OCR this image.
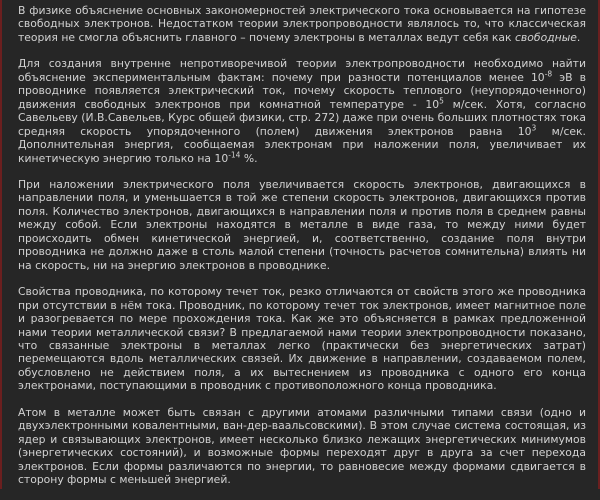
В физике объяснение основных закономерностей электрического тока основывается на гипотезе свободных электронов. Недостатком теории электропроводности являлось то, что классическая теория не смогла объяснить главного – почему электроны в металлах ведут себя как свободные.

Для создания внутренне непротиворечивой теории электропроводности необходимо найти объяснение экспериментальным фактам: почему при разности потенциалов менее $10^{-8}$ эВ в проводнике появляется электрический ток, почему скорость теплового (неупорядоченного) движения свободных электронов при комнатной температуре - $10^5$ м/сек. Хотя, согласно Савельеву (И.В.Савельев, Курс общей физики, стр. 272) даже при очень больших плотностях тока средняя скорость упорядоченного (полем) движения электронов равна $10^3$ м/сек. Дополнительная энергия, сообщаемая электронам при наложении поля, увеличивает их кинетическую энергию только на $10^{-14}$ %.

При наложении электрического поля увеличивается скорость электронов, двигающихся в направлении поля, и уменьшается в той же степени скорость электронов, двигающихся против поля. Количество электронов, двигающихся в направлении поля и против поля в среднем равны между собой. Если электроны находятся в металле в виде газа, то между ними будет происходить обмен кинетической энергией, и, соответственно, создание поля внутри проводника не должно даже в столь малой степени (точность расчетов сомнительна) влиять ни на скорость, ни на энергию электронов в проводнике.

Свойства проводника, по которому течет ток, резко отличаются от свойств этого же проводника при отсутствии в нём тока. Проводник, по которому течет ток электронов, имеет магнитное поле и разогревается по мере прохождения тока. Как же это объясняется в рамках предложенной нами теории металлической связи? В предлагаемой нами теории электропроводности показано, что связанные электроны в металлах легко (практически без энергетических затрат) перемещаются вдоль металлических связей. Их движение в направлении, создаваемом полем, обусловлено не действием поля, а их вытеснением из проводника с одного его конца электронами, поступающими в проводник с противоположного конца проводника.

Атом в металле может быть связан с другими атомами различными типами связи (одно и двухэлектронными ковалентными, ван-дер-ваальсовскими). В этом случае система состоящая, из ядер и связывающих электронов, имеет несколько близко лежащих энергетических минимумов (энергетических состояний), и возможные формы переходят друг в друга за счет перехода электронов. Если формы различаются по энергии, то равновесие между формами сдвигается в сторону формы с меньшей энергией.
